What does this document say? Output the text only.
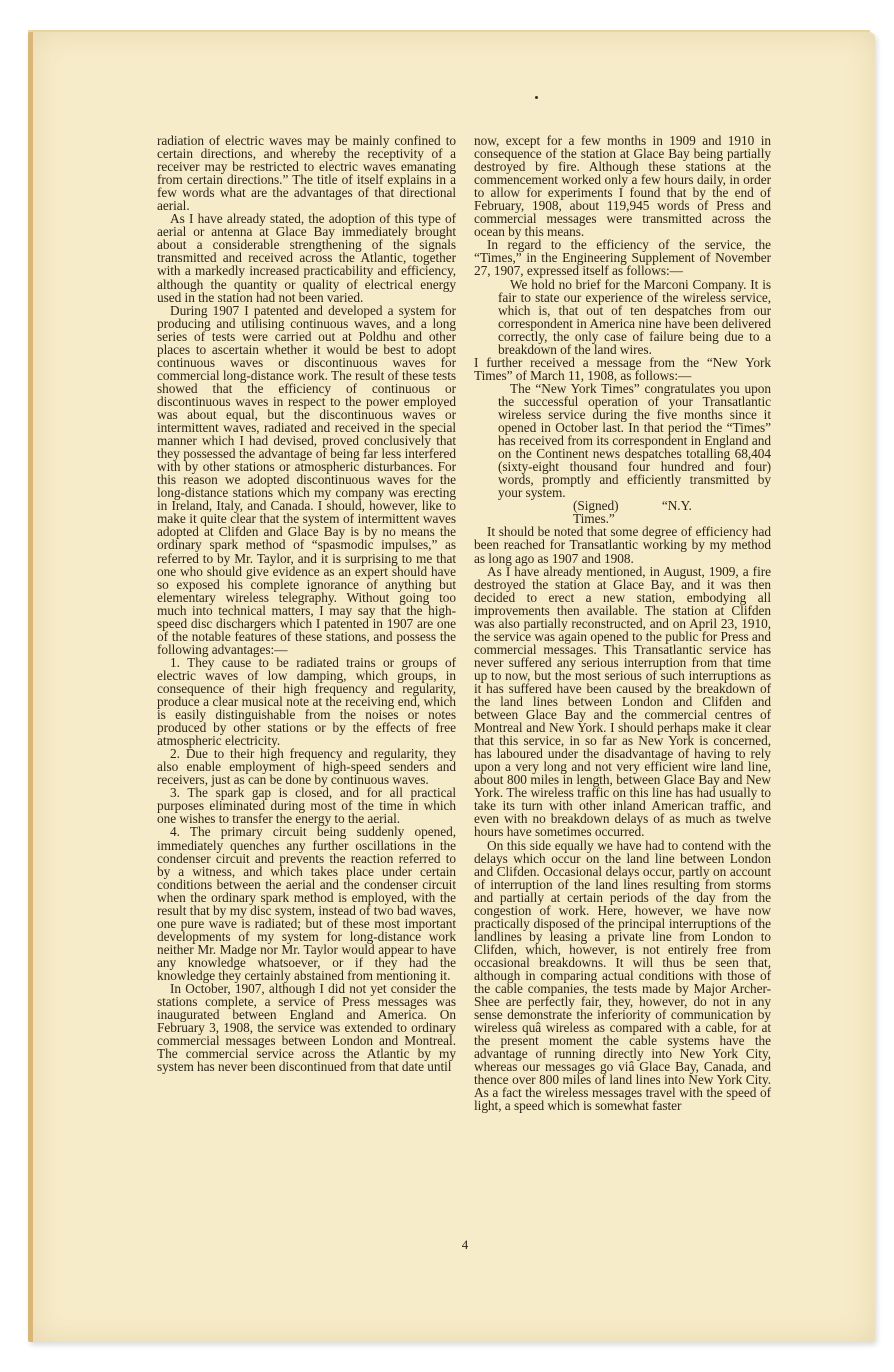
radiation of electric waves may be mainly confined to certain directions, and whereby the receptivity of a receiver may be restricted to electric waves emanating from certain directions.” The title of itself explains in a few words what are the advantages of that directional aerial.

As I have already stated, the adoption of this type of aerial or antenna at Glace Bay immediately brought about a considerable strengthening of the signals transmitted and received across the Atlantic, together with a markedly increased practicability and efficiency, although the quantity or quality of electrical energy used in the station had not been varied.

During 1907 I patented and developed a system for producing and utilising continuous waves, and a long series of tests were carried out at Poldhu and other places to ascertain whether it would be best to adopt continuous waves or discontinuous waves for commercial long-distance work. The result of these tests showed that the efficiency of continuous or discontinuous waves in respect to the power employed was about equal, but the discontinuous waves or intermittent waves, radiated and received in the special manner which I had devised, proved conclusively that they possessed the advantage of being far less interfered with by other stations or atmospheric disturbances. For this reason we adopted discontinuous waves for the long-distance stations which my company was erecting in Ireland, Italy, and Canada. I should, however, like to make it quite clear that the system of intermittent waves adopted at Clifden and Glace Bay is by no means the ordinary spark method of “spasmodic impulses,” as referred to by Mr. Taylor, and it is surprising to me that one who should give evidence as an expert should have so exposed his complete ignorance of anything but elementary wireless telegraphy. Without going too much into technical matters, I may say that the high-speed disc dischargers which I patented in 1907 are one of the notable features of these stations, and possess the following advantages:—

1. They cause to be radiated trains or groups of electric waves of low damping, which groups, in consequence of their high frequency and regularity, produce a clear musical note at the receiving end, which is easily distinguishable from the noises or notes produced by other stations or by the effects of free atmospheric electricity.

2. Due to their high frequency and regularity, they also enable employment of high-speed senders and receivers, just as can be done by continuous waves.

3. The spark gap is closed, and for all practical purposes eliminated during most of the time in which one wishes to transfer the energy to the aerial.

4. The primary circuit being suddenly opened, immediately quenches any further oscillations in the condenser circuit and prevents the reaction referred to by a witness, and which takes place under certain conditions between the aerial and the condenser circuit when the ordinary spark method is employed, with the result that by my disc system, instead of two bad waves, one pure wave is radiated; but of these most important developments of my system for long-distance work neither Mr. Madge nor Mr. Taylor would appear to have any knowledge whatsoever, or if they had the knowledge they certainly abstained from mentioning it.

In October, 1907, although I did not yet consider the stations complete, a service of Press messages was inaugurated between England and America. On February 3, 1908, the service was extended to ordinary commercial messages between London and Montreal. The commercial service across the Atlantic by my system has never been discontinued from that date until

now, except for a few months in 1909 and 1910 in consequence of the station at Glace Bay being partially destroyed by fire. Although these stations at the commencement worked only a few hours daily, in order to allow for experiments I found that by the end of February, 1908, about 119,945 words of Press and commercial messages were transmitted across the ocean by this means.

In regard to the efficiency of the service, the “Times,” in the Engineering Supplement of November 27, 1907, expressed itself as follows:—

We hold no brief for the Marconi Company. It is fair to state our experience of the wireless service, which is, that out of ten despatches from our correspondent in America nine have been delivered correctly, the only case of failure being due to a breakdown of the land wires.

I further received a message from the “New York Times” of March 11, 1908, as follows:—

The “New York Times” congratulates you upon the successful operation of your Transatlantic wireless service during the five months since it opened in October last. In that period the “Times” has received from its correspondent in England and on the Continent news despatches totalling 68,404 (sixty-eight thousand four hundred and four) words, promptly and efficiently transmitted by your system.

(Signed) “N.Y. Times.”

It should be noted that some degree of efficiency had been reached for Transatlantic working by my method as long ago as 1907 and 1908.

As I have already mentioned, in August, 1909, a fire destroyed the station at Glace Bay, and it was then decided to erect a new station, embodying all improvements then available. The station at Clifden was also partially reconstructed, and on April 23, 1910, the service was again opened to the public for Press and commercial messages. This Transatlantic service has never suffered any serious interruption from that time up to now, but the most serious of such interruptions as it has suffered have been caused by the breakdown of the land lines between London and Clifden and between Glace Bay and the commercial centres of Montreal and New York. I should perhaps make it clear that this service, in so far as New York is concerned, has laboured under the disadvantage of having to rely upon a very long and not very efficient wire land line, about 800 miles in length, between Glace Bay and New York. The wireless traffic on this line has had usually to take its turn with other inland American traffic, and even with no breakdown delays of as much as twelve hours have sometimes occurred.

On this side equally we have had to contend with the delays which occur on the land line between London and Clifden. Occasional delays occur, partly on account of interruption of the land lines resulting from storms and partially at certain periods of the day from the congestion of work. Here, however, we have now practically disposed of the principal interruptions of the landlines by leasing a private line from London to Clifden, which, however, is not entirely free from occasional breakdowns. It will thus be seen that, although in comparing actual conditions with those of the cable companies, the tests made by Major Archer-Shee are perfectly fair, they, however, do not in any sense demonstrate the inferiority of communication by wireless quâ wireless as compared with a cable, for at the present moment the cable systems have the advantage of running directly into New York City, whereas our messages go viâ Glace Bay, Canada, and thence over 800 miles of land lines into New York City. As a fact the wireless messages travel with the speed of light, a speed which is somewhat faster

4
